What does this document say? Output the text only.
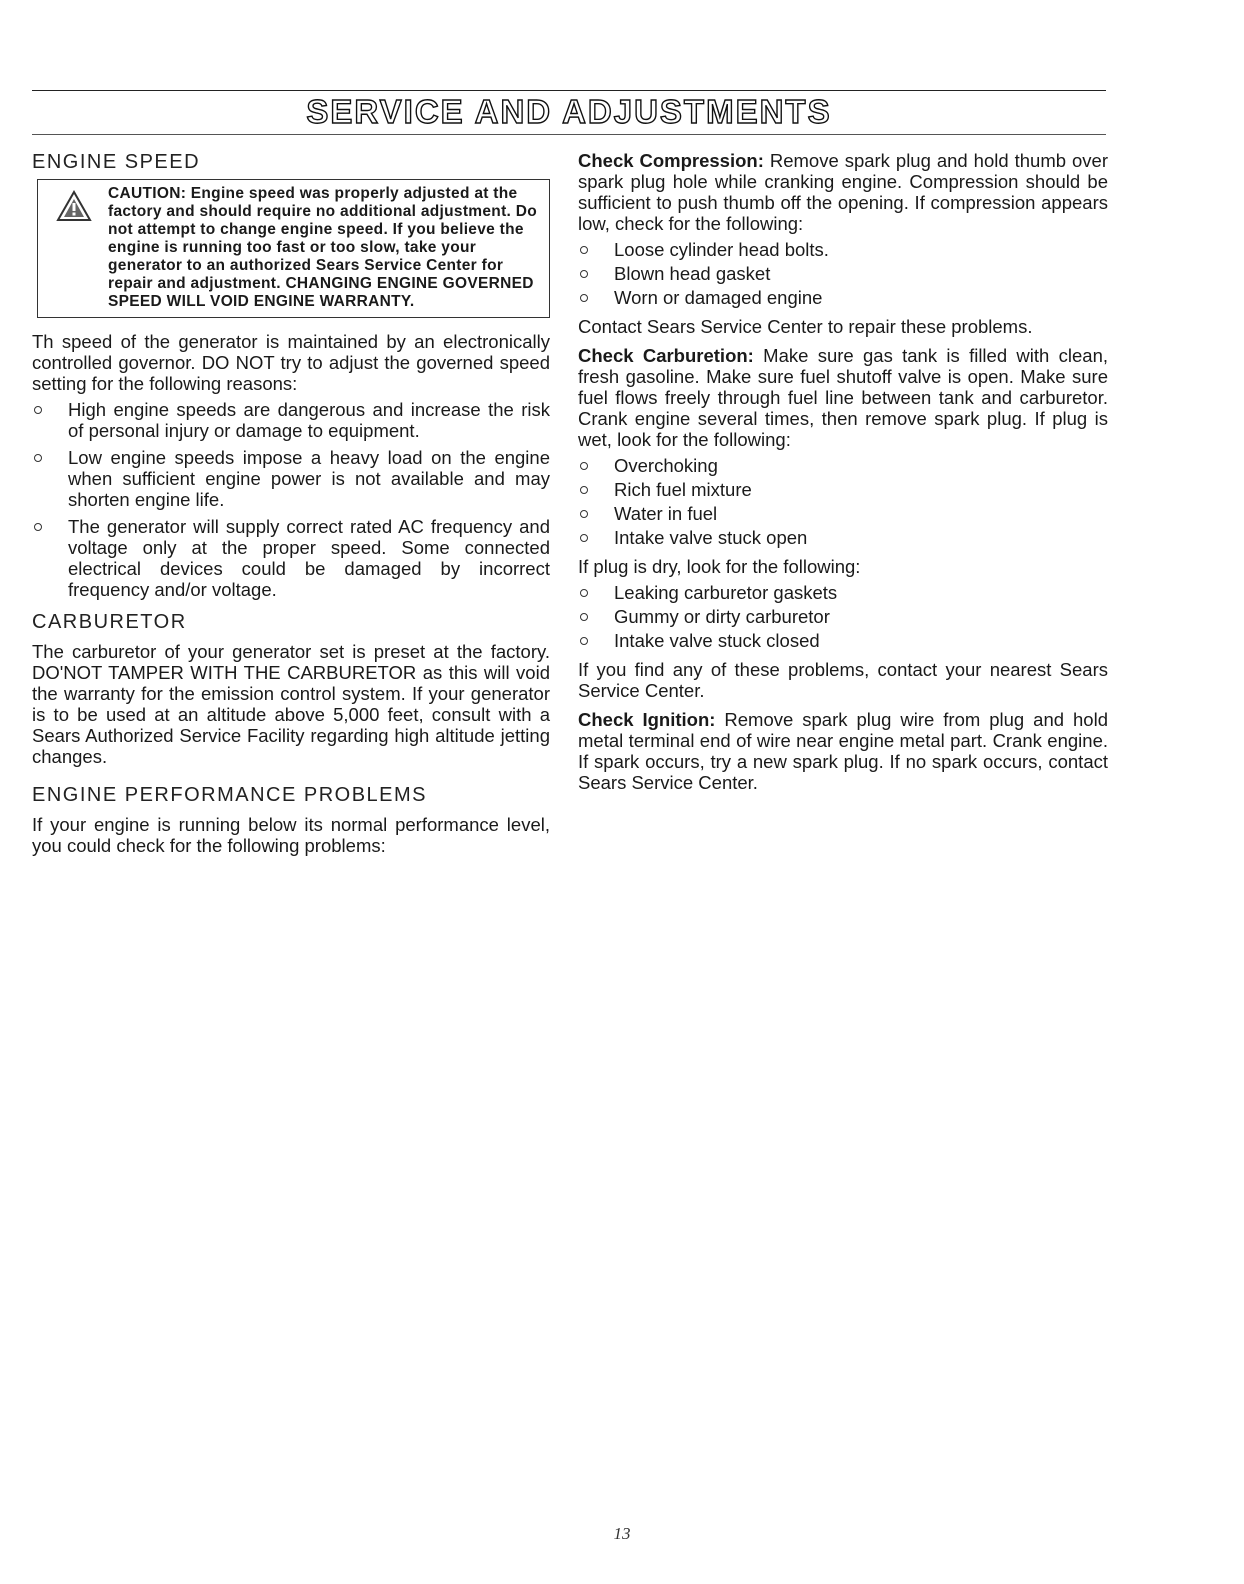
SERVICE AND ADJUSTMENTS
ENGINE SPEED
CAUTION: Engine speed was properly adjusted at the factory and should require no additional adjustment. Do not attempt to change engine speed. If you believe the engine is running too fast or too slow, take your generator to an authorized Sears Service Center for repair and adjustment. CHANGING ENGINE GOVERNED SPEED WILL VOID ENGINE WARRANTY.

Th speed of the generator is maintained by an electronically controlled governor. DO NOT try to adjust the governed speed setting for the following reasons:

High engine speeds are dangerous and increase the risk of personal injury or damage to equipment.
Low engine speeds impose a heavy load on the engine when sufficient engine power is not available and may shorten engine life.
The generator will supply correct rated AC frequency and voltage only at the proper speed. Some connected electrical devices could be damaged by incorrect frequency and/or voltage.
CARBURETOR

The carburetor of your generator set is preset at the factory. DO'NOT TAMPER WITH THE CARBURETOR as this will void the warranty for the emission control system. If your generator is to be used at an altitude above 5,000 feet, consult with a Sears Authorized Service Facility regarding high altitude jetting changes.

ENGINE PERFORMANCE PROBLEMS

If your engine is running below its normal performance level, you could check for the following problems:

Check Compression: Remove spark plug and hold thumb over spark plug hole while cranking engine. Compression should be sufficient to push thumb off the opening. If compression appears low, check for the following:

Loose cylinder head bolts.
Blown head gasket
Worn or damaged engine

Contact Sears Service Center to repair these problems.

Check Carburetion: Make sure gas tank is filled with clean, fresh gasoline. Make sure fuel shutoff valve is open. Make sure fuel flows freely through fuel line between tank and carburetor. Crank engine several times, then remove spark plug. If plug is wet, look for the following:

Overchoking
Rich fuel mixture
Water in fuel
Intake valve stuck open

If plug is dry, look for the following:

Leaking carburetor gaskets
Gummy or dirty carburetor
Intake valve stuck closed

If you find any of these problems, contact your nearest Sears Service Center.

Check Ignition: Remove spark plug wire from plug and hold metal terminal end of wire near engine metal part. Crank engine. If spark occurs, try a new spark plug. If no spark occurs, contact Sears Service Center.

13
